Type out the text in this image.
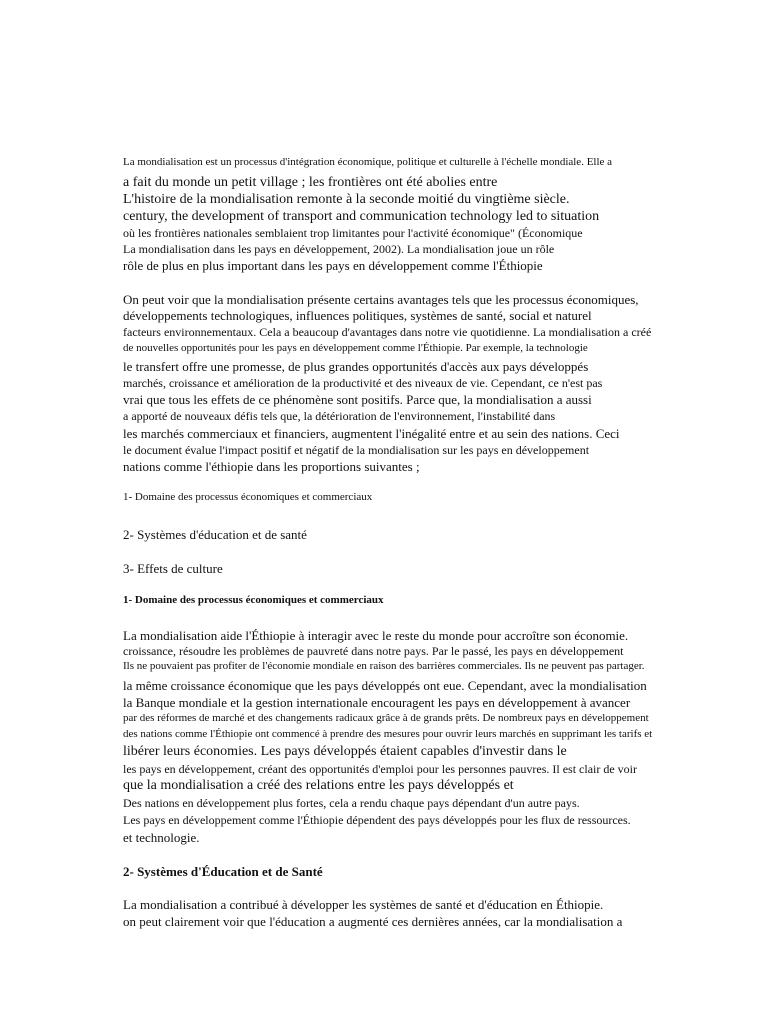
La mondialisation est un processus d'intégration économique, politique et culturelle à l'échelle mondiale. Elle a
a fait du monde un petit village ; les frontières ont été abolies entre
L'histoire de la mondialisation remonte à la seconde moitié du vingtième siècle.
century, the development of transport and communication technology led to situation
où les frontières nationales semblaient trop limitantes pour l'activité économique" (Économique
La mondialisation dans les pays en développement, 2002). La mondialisation joue un rôle
rôle de plus en plus important dans les pays en développement comme l'Éthiopie
On peut voir que la mondialisation présente certains avantages tels que les processus économiques,
développements technologiques, influences politiques, systèmes de santé, social et naturel
facteurs environnementaux. Cela a beaucoup d'avantages dans notre vie quotidienne. La mondialisation a créé
de nouvelles opportunités pour les pays en développement comme l'Éthiopie. Par exemple, la technologie
le transfert offre une promesse, de plus grandes opportunités d'accès aux pays développés
marchés, croissance et amélioration de la productivité et des niveaux de vie. Cependant, ce n'est pas
vrai que tous les effets de ce phénomène sont positifs. Parce que, la mondialisation a aussi
a apporté de nouveaux défis tels que, la détérioration de l'environnement, l'instabilité dans
les marchés commerciaux et financiers, augmentent l'inégalité entre et au sein des nations. Ceci
le document évalue l'impact positif et négatif de la mondialisation sur les pays en développement
nations comme l'éthiopie dans les proportions suivantes ;
1- Domaine des processus économiques et commerciaux
2- Systèmes d'éducation et de santé
3- Effets de culture
1- Domaine des processus économiques et commerciaux
La mondialisation aide l'Éthiopie à interagir avec le reste du monde pour accroître son économie.
croissance, résoudre les problèmes de pauvreté dans notre pays. Par le passé, les pays en développement
Ils ne pouvaient pas profiter de l'économie mondiale en raison des barrières commerciales. Ils ne peuvent pas partager.
la même croissance économique que les pays développés ont eue. Cependant, avec la mondialisation
la Banque mondiale et la gestion internationale encouragent les pays en développement à avancer
par des réformes de marché et des changements radicaux grâce à de grands prêts. De nombreux pays en développement
des nations comme l'Éthiopie ont commencé à prendre des mesures pour ouvrir leurs marchés en supprimant les tarifs et
libérer leurs économies. Les pays développés étaient capables d'investir dans le
les pays en développement, créant des opportunités d'emploi pour les personnes pauvres. Il est clair de voir
que la mondialisation a créé des relations entre les pays développés et
Des nations en développement plus fortes, cela a rendu chaque pays dépendant d'un autre pays.
Les pays en développement comme l'Éthiopie dépendent des pays développés pour les flux de ressources.
et technologie.
2- Systèmes d'Éducation et de Santé
La mondialisation a contribué à développer les systèmes de santé et d'éducation en Éthiopie.
on peut clairement voir que l'éducation a augmenté ces dernières années, car la mondialisation a
